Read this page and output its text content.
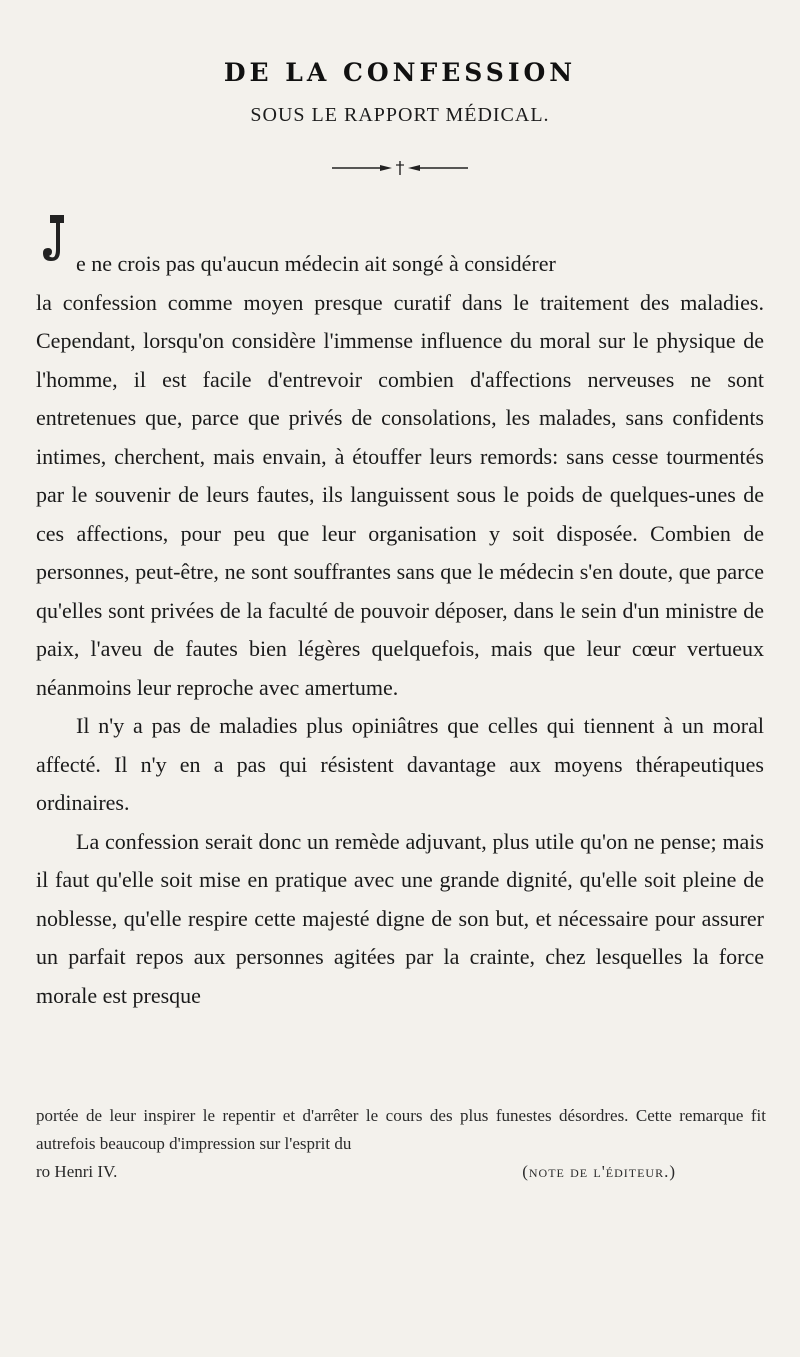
DE LA CONFESSION
SOUS LE RAPPORT MÉDICAL.

e ne crois pas qu'aucun médecin ait songé à considérer

la confession comme moyen presque curatif dans le traitement des maladies. Cependant, lorsqu'on considère l'immense influence du moral sur le physique de l'homme, il est facile d'entrevoir combien d'affections nerveuses ne sont entretenues que, parce que privés de consolations, les malades, sans confidents intimes, cherchent, mais envain, à étouffer leurs remords: sans cesse tourmentés par le souvenir de leurs fautes, ils languissent sous le poids de quelques-unes de ces affections, pour peu que leur organisation y soit disposée. Combien de personnes, peut-être, ne sont souffrantes sans que le médecin s'en doute, que parce qu'elles sont privées de la faculté de pouvoir déposer, dans le sein d'un ministre de paix, l'aveu de fautes bien légères quelquefois, mais que leur cœur vertueux néanmoins leur reproche avec amertume.

Il n'y a pas de maladies plus opiniâtres que celles qui tiennent à un moral affecté. Il n'y en a pas qui résistent davantage aux moyens thérapeutiques ordinaires.

La confession serait donc un remède adjuvant, plus utile qu'on ne pense; mais il faut qu'elle soit mise en pratique avec une grande dignité, qu'elle soit pleine de noblesse, qu'elle respire cette majesté digne de son but, et nécessaire pour assurer un parfait repos aux personnes agitées par la crainte, chez lesquelles la force morale est presque

portée de leur inspirer le repentir et d'arrêter le cours des plus funestes désordres. Cette remarque fit autrefois beaucoup d'impression sur l'esprit du
ro Henri IV.	(note de l'éditeur.)
